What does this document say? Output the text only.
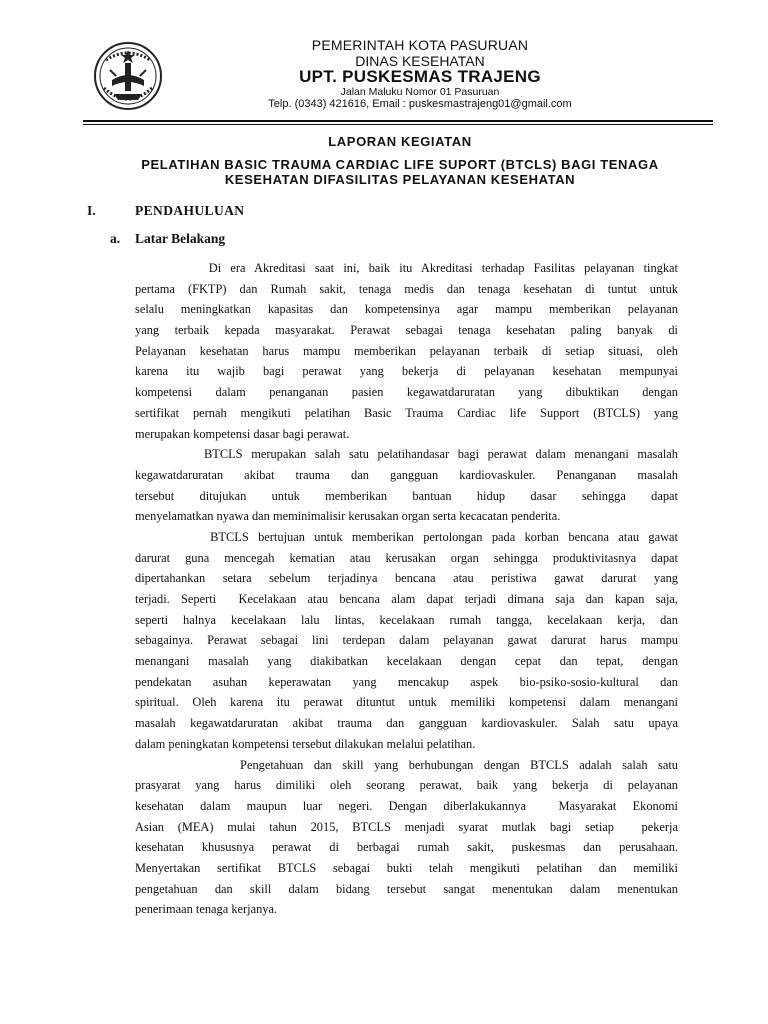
PEMERINTAH KOTA PASURUAN
DINAS KESEHATAN
UPT. PUSKESMAS TRAJENG
Jalan Maluku Nomor 01 Pasuruan
Telp. (0343) 421616, Email : puskesmastrajeng01@gmail.com
LAPORAN KEGIATAN
PELATIHAN BASIC TRAUMA CARDIAC LIFE SUPORT (BTCLS) BAGI TENAGA
KESEHATAN DIFASILITAS PELAYANAN KESEHATAN
I.	PENDAHULUAN
a. Latar Belakang
Di era Akreditasi saat ini, baik itu Akreditasi terhadap Fasilitas pelayanan tingkat
pertama (FKTP) dan Rumah sakit, tenaga medis dan tenaga kesehatan di tuntut untuk
selalu meningkatkan kapasitas dan kompetensinya agar mampu memberikan pelayanan
yang terbaik kepada masyarakat. Perawat sebagai tenaga kesehatan paling banyak di
Pelayanan kesehatan harus mampu memberikan pelayanan terbaik di setiap situasi, oleh
karena itu wajib bagi perawat yang bekerja di pelayanan kesehatan mempunyai
kompetensi dalam penanganan pasien kegawatdaruratan yang dibuktikan dengan
sertifikat pernah mengikuti pelatihan Basic Trauma Cardiac life Support (BTCLS) yang
merupakan kompetensi dasar bagi perawat.
BTCLS merupakan salah satu pelatihandasar bagi perawat dalam menangani masalah
kegawatdaruratan akibat trauma dan gangguan kardiovaskuler. Penanganan masalah
tersebut ditujukan untuk memberikan bantuan hidup dasar sehingga dapat
menyelamatkan nyawa dan meminimalisir kerusakan organ serta kecacatan penderita.
BTCLS bertujuan untuk memberikan pertolongan pada korban bencana atau gawat
darurat guna mencegah kematian atau kerusakan organ sehingga produktivitasnya dapat
dipertahankan setara sebelum terjadinya bencana atau peristiwa gawat darurat yang
terjadi. Seperti  Kecelakaan atau bencana alam dapat terjadi dimana saja dan kapan saja,
seperti halnya kecelakaan lalu lintas, kecelakaan rumah tangga, kecelakaan kerja, dan
sebagainya. Perawat sebagai lini terdepan dalam pelayanan gawat darurat harus mampu
menangani masalah yang diakibatkan kecelakaan dengan cepat dan tepat, dengan
pendekatan asuhan keperawatan yang mencakup aspek bio-psiko-sosio-kultural dan
spiritual. Oleh karena itu perawat dituntut untuk memiliki kompetensi dalam menangani
masalah kegawatdaruratan akibat trauma dan gangguan kardiovaskuler. Salah satu upaya
dalam peningkatan kompetensi tersebut dilakukan melalui pelatihan.
Pengetahuan dan skill yang berhubungan dengan BTCLS adalah salah satu
prasyarat yang harus dimiliki oleh seorang perawat, baik yang bekerja di pelayanan
kesehatan dalam maupun luar negeri. Dengan diberlakukannya  Masyarakat Ekonomi
Asian (MEA) mulai tahun 2015, BTCLS menjadi syarat mutlak bagi setiap  pekerja
kesehatan khususnya perawat di berbagai rumah sakit, puskesmas dan perusahaan.
Menyertakan sertifikat BTCLS sebagai bukti telah mengikuti pelatihan dan memiliki
pengetahuan dan skill dalam bidang tersebut sangat menentukan dalam menentukan
penerimaan tenaga kerjanya.
